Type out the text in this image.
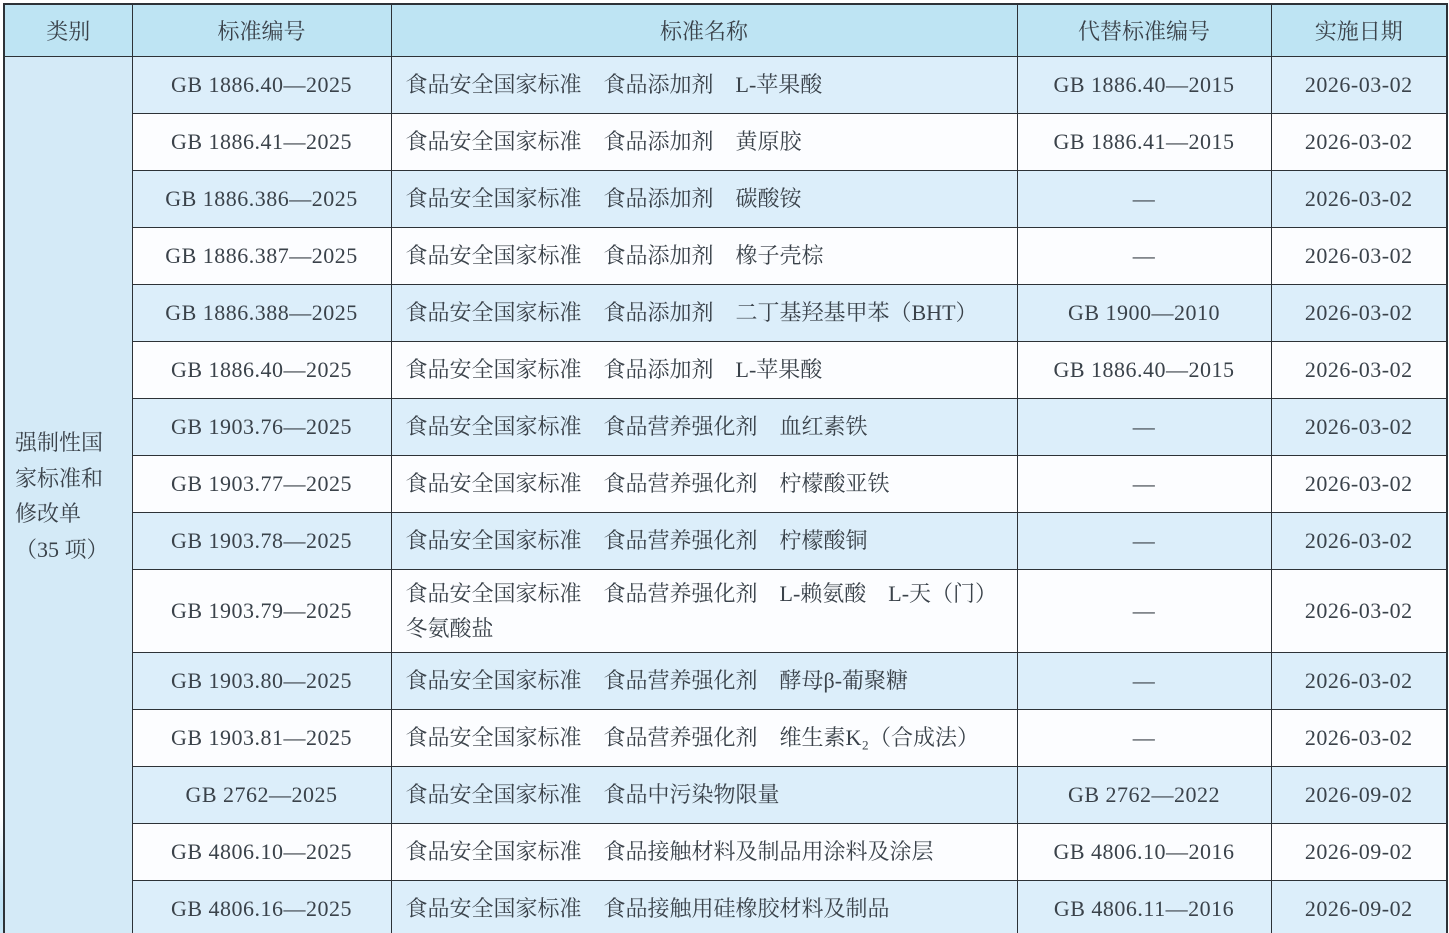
类别	标准编号	标准名称	代替标准编号	实施日期
强制性国家标准和修改单（35 项）	GB 1886.40—2025	食品安全国家标准　食品添加剂　L-苹果酸	GB 1886.40—2015	2026-03-02
	GB 1886.41—2025	食品安全国家标准　食品添加剂　黄原胶	GB 1886.41—2015	2026-03-02
	GB 1886.386—2025	食品安全国家标准　食品添加剂　碳酸铵	—	2026-03-02
	GB 1886.387—2025	食品安全国家标准　食品添加剂　橡子壳棕	—	2026-03-02
	GB 1886.388—2025	食品安全国家标准　食品添加剂　二丁基羟基甲苯（BHT）	GB 1900—2010	2026-03-02
	GB 1886.40—2025	食品安全国家标准　食品添加剂　L-苹果酸	GB 1886.40—2015	2026-03-02
	GB 1903.76—2025	食品安全国家标准　食品营养强化剂　血红素铁	—	2026-03-02
	GB 1903.77—2025	食品安全国家标准　食品营养强化剂　柠檬酸亚铁	—	2026-03-02
	GB 1903.78—2025	食品安全国家标准　食品营养强化剂　柠檬酸铜	—	2026-03-02
	GB 1903.79—2025	食品安全国家标准　食品营养强化剂　L-赖氨酸　L-天（门）冬氨酸盐	—	2026-03-02
	GB 1903.80—2025	食品安全国家标准　食品营养强化剂　酵母β-葡聚糖	—	2026-03-02
	GB 1903.81—2025	食品安全国家标准　食品营养强化剂　维生素K₂（合成法）	—	2026-03-02
	GB 2762—2025	食品安全国家标准　食品中污染物限量	GB 2762—2022	2026-09-02
	GB 4806.10—2025	食品安全国家标准　食品接触材料及制品用涂料及涂层	GB 4806.10—2016	2026-09-02
	GB 4806.16—2025	食品安全国家标准　食品接触用硅橡胶材料及制品	GB 4806.11—2016	2026-09-02
